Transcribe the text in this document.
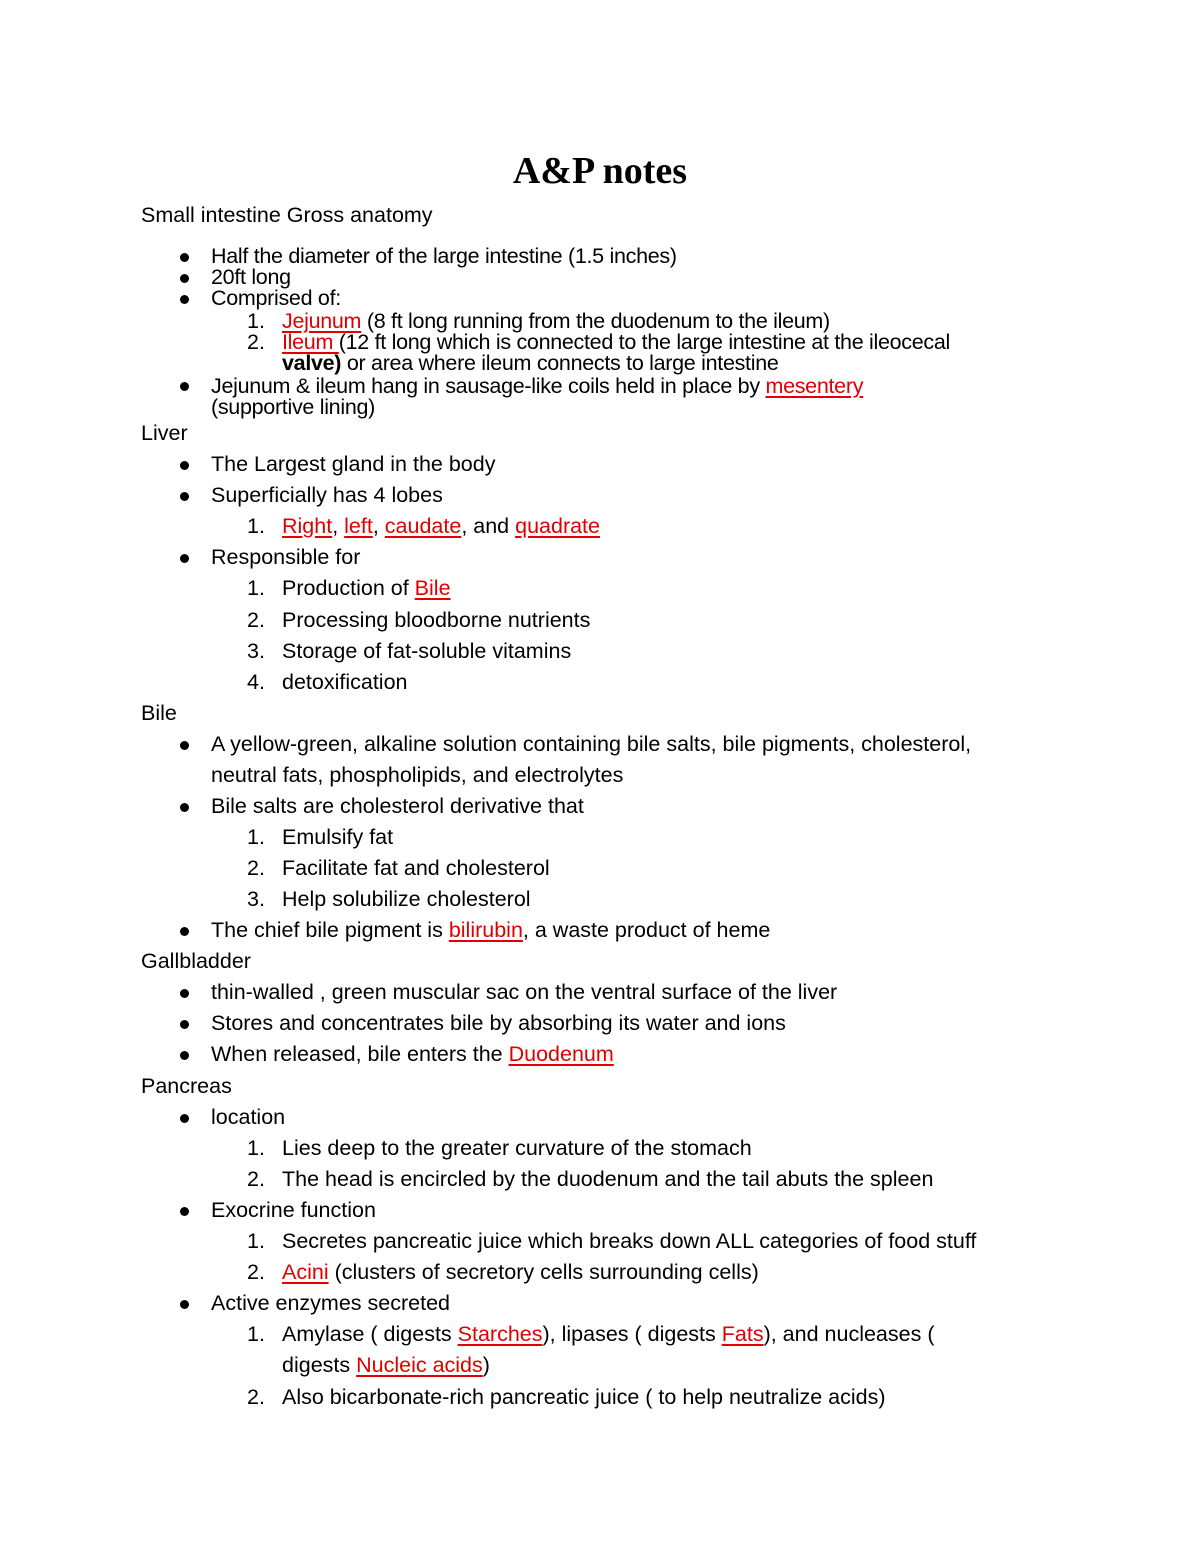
A&P notes
Small intestine Gross anatomy
Half the diameter of the large intestine (1.5 inches)
20ft long
Comprised of:
1. Jejunum (8 ft long running from the duodenum to the ileum)
2. Ileum (12 ft long which is connected to the large intestine at the ileocecal
valve) or area where ileum connects to large intestine
Jejunum & ileum hang in sausage-like coils held in place by mesentery
(supportive lining)
Liver
The Largest gland in the body
Superficially has 4 lobes
1. Right, left, caudate, and quadrate
Responsible for
1. Production of Bile
2. Processing bloodborne nutrients
3. Storage of fat-soluble vitamins
4. detoxification
Bile
A yellow-green, alkaline solution containing bile salts, bile pigments, cholesterol,
neutral fats, phospholipids, and electrolytes
Bile salts are cholesterol derivative that
1. Emulsify fat
2. Facilitate fat and cholesterol
3. Help solubilize cholesterol
The chief bile pigment is bilirubin, a waste product of heme
Gallbladder
thin-walled , green muscular sac on the ventral surface of the liver
Stores and concentrates bile by absorbing its water and ions
When released, bile enters the Duodenum
Pancreas
location
1. Lies deep to the greater curvature of the stomach
2. The head is encircled by the duodenum and the tail abuts the spleen
Exocrine function
1. Secretes pancreatic juice which breaks down ALL categories of food stuff
2. Acini (clusters of secretory cells surrounding cells)
Active enzymes secreted
1. Amylase ( digests Starches), lipases ( digests Fats), and nucleases (
digests Nucleic acids)
2. Also bicarbonate-rich pancreatic juice ( to help neutralize acids)
